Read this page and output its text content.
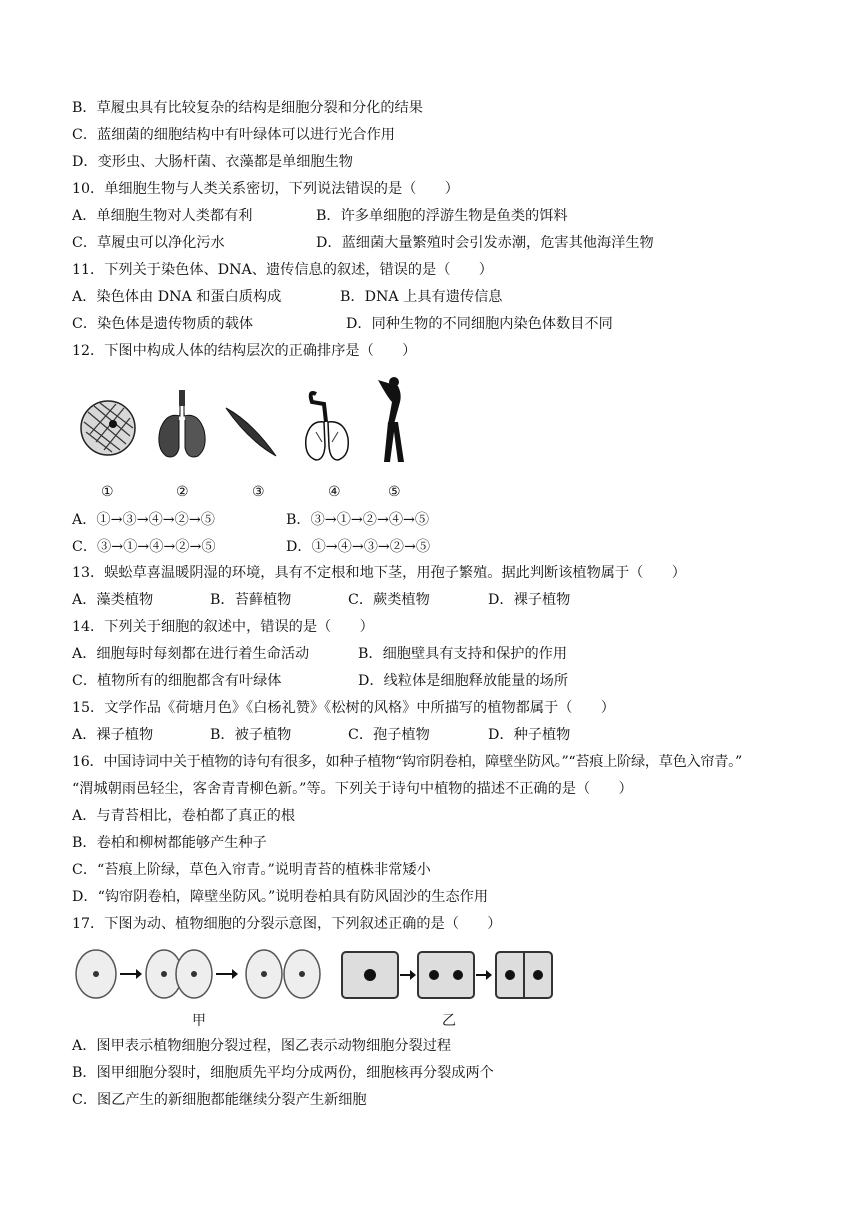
B．草履虫具有比较复杂的结构是细胞分裂和分化的结果
C．蓝细菌的细胞结构中有叶绿体可以进行光合作用
D．变形虫、大肠杆菌、衣藻都是单细胞生物
10．单细胞生物与人类关系密切，下列说法错误的是（　　）
A．单细胞生物对人类都有利	B．许多单细胞的浮游生物是鱼类的饵料
C．草履虫可以净化污水	D．蓝细菌大量繁殖时会引发赤潮，危害其他海洋生物
11．下列关于染色体、DNA、遗传信息的叙述，错误的是（　　）
A．染色体由 DNA 和蛋白质构成	B．DNA 上具有遗传信息
C．染色体是遗传物质的载体	D．同种生物的不同细胞内染色体数目不同
12．下图中构成人体的结构层次的正确排序是（　　）
①	②	③	④	⑤
A．①→③→④→②→⑤	B．③→①→②→④→⑤
C．③→①→④→②→⑤	D．①→④→③→②→⑤
13．蜈蚣草喜温暖阴湿的环境，具有不定根和地下茎，用孢子繁殖。据此判断该植物属于（　　）
A．藻类植物	B．苔藓植物	C．蕨类植物	D．裸子植物
14．下列关于细胞的叙述中，错误的是（　　）
A．细胞每时每刻都在进行着生命活动	B．细胞壁具有支持和保护的作用
C．植物所有的细胞都含有叶绿体	D．线粒体是细胞释放能量的场所
15．文学作品《荷塘月色》《白杨礼赞》《松树的风格》中所描写的植物都属于（　　）
A．裸子植物	B．被子植物	C．孢子植物	D．种子植物
16．中国诗词中关于植物的诗句有很多，如种子植物“钩帘阴卷柏，障壁坐防风。”“苔痕上阶绿，草色入帘青。”
“渭城朝雨邑轻尘，客舍青青柳色新。”等。下列关于诗句中植物的描述不正确的是（　　）
A．与青苔相比，卷柏都了真正的根
B．卷柏和柳树都能够产生种子
C．“苔痕上阶绿，草色入帘青。”说明青苔的植株非常矮小
D．“钩帘阴卷柏，障壁坐防风。”说明卷柏具有防风固沙的生态作用
17．下图为动、植物细胞的分裂示意图，下列叙述正确的是（　　）
甲	乙
A．图甲表示植物细胞分裂过程，图乙表示动物细胞分裂过程
B．图甲细胞分裂时，细胞质先平均分成两份，细胞核再分裂成两个
C．图乙产生的新细胞都能继续分裂产生新细胞
